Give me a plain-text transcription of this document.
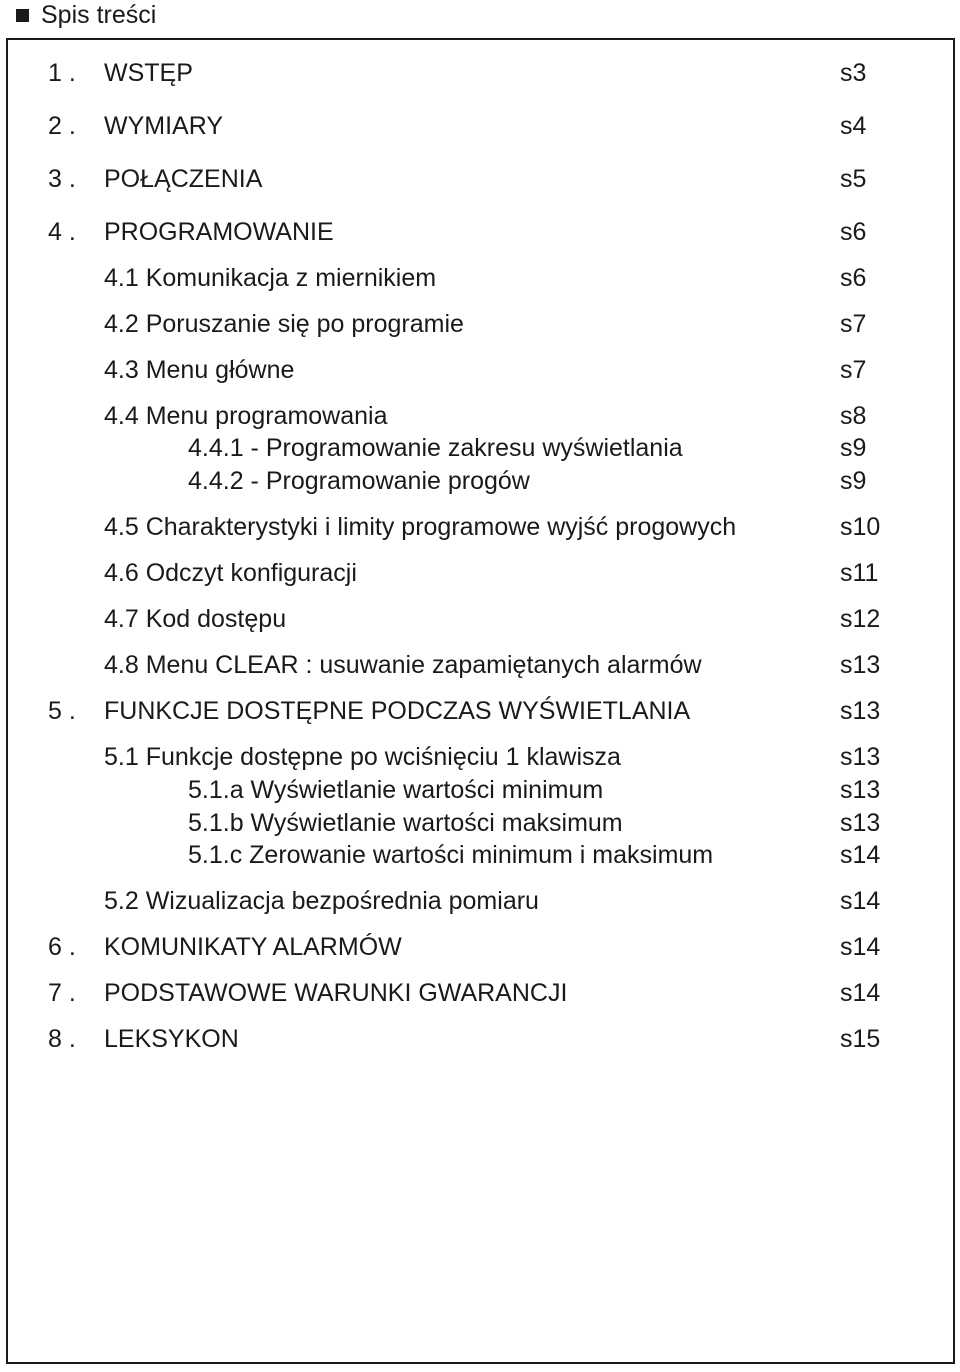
Spis treści
1 . WSTĘP	s3
2 . WYMIARY	s4
3 . POŁĄCZENIA	s5
4 . PROGRAMOWANIE	s6
4.1 Komunikacja z miernikiem	s6
4.2 Poruszanie się po programie	s7
4.3 Menu główne	s7
4.4 Menu programowania	s8
4.4.1 - Programowanie zakresu wyświetlania	s9
4.4.2 - Programowanie progów	s9
4.5 Charakterystyki i limity programowe wyjść progowych	s10
4.6 Odczyt konfiguracji	s11
4.7 Kod dostępu	s12
4.8 Menu CLEAR : usuwanie zapamiętanych alarmów	s13
5 . FUNKCJE DOSTĘPNE PODCZAS WYŚWIETLANIA	s13
5.1 Funkcje dostępne po wciśnięciu 1 klawisza	s13
5.1.a Wyświetlanie wartości minimum	s13
5.1.b Wyświetlanie wartości maksimum	s13
5.1.c Zerowanie wartości minimum i maksimum	s14
5.2 Wizualizacja bezpośrednia pomiaru	s14
6 . KOMUNIKATY ALARMÓW	s14
7 . PODSTAWOWE WARUNKI GWARANCJI	s14
8 . LEKSYKON	s15
